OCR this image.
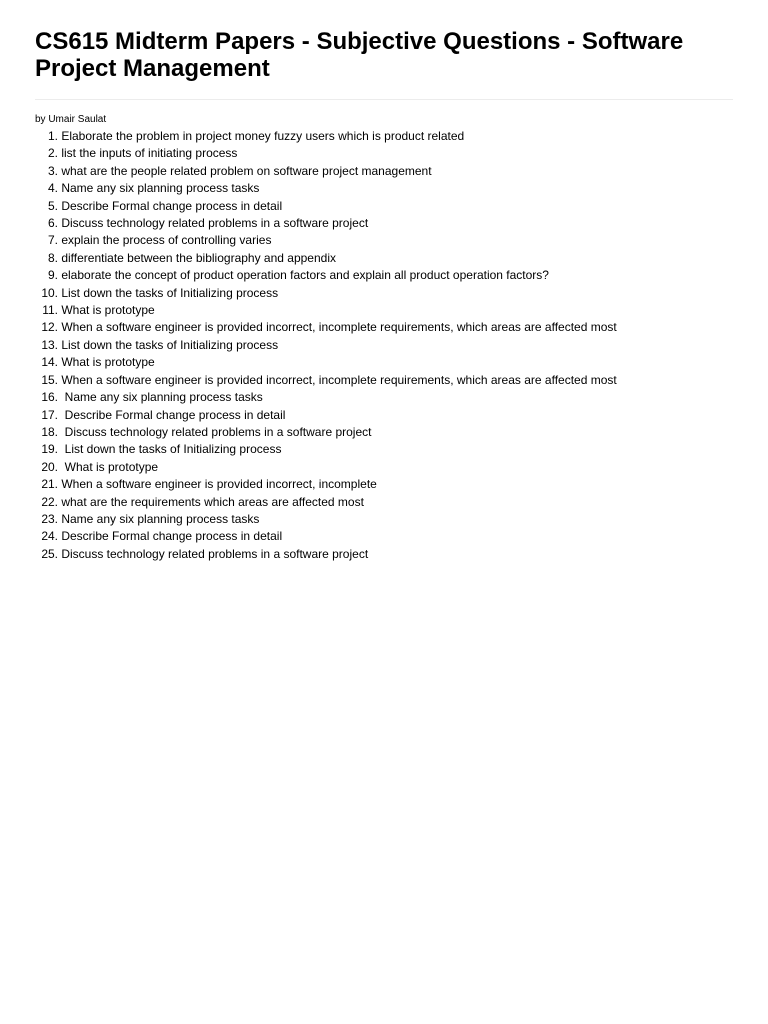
CS615 Midterm Papers - Subjective Questions - Software Project Management
by Umair Saulat
1. Elaborate the problem in project money fuzzy users which is product related
2. list the inputs of initiating process
3. what are the people related problem on software project management
4. Name any six planning process tasks
5. Describe Formal change process in detail
6. Discuss technology related problems in a software project
7. explain the process of controlling varies
8. differentiate between the bibliography and appendix
9. elaborate the concept of product operation factors and explain all product operation factors?
10. List down the tasks of Initializing process
11. What is prototype
12. When a software engineer is provided incorrect, incomplete requirements, which areas are affected most
13. List down the tasks of Initializing process
14. What is prototype
15. When a software engineer is provided incorrect, incomplete requirements, which areas are affected most
16. Name any six planning process tasks
17. Describe Formal change process in detail
18. Discuss technology related problems in a software project
19. List down the tasks of Initializing process
20. What is prototype
21. When a software engineer is provided incorrect, incomplete
22. what are the requirements which areas are affected most
23. Name any six planning process tasks
24. Describe Formal change process in detail
25. Discuss technology related problems in a software project
